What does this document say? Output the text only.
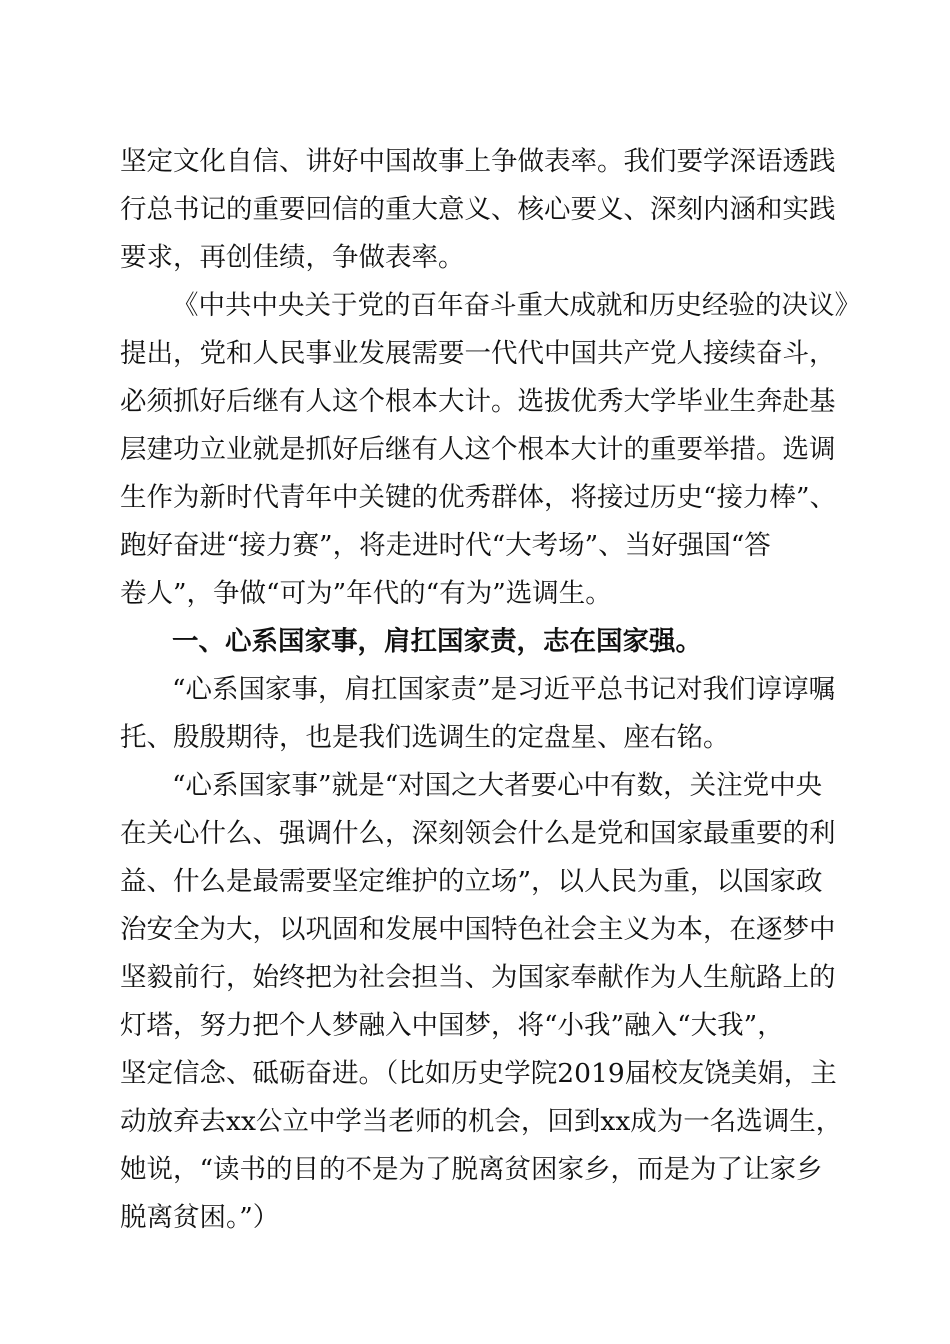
坚定文化自信、讲好中国故事上争做表率。我们要学深语透践
行总书记的重要回信的重大意义、核心要义、深刻内涵和实践
要求，再创佳绩，争做表率。
《中共中央关于党的百年奋斗重大成就和历史经验的决议》
提出，党和人民事业发展需要一代代中国共产党人接续奋斗，
必须抓好后继有人这个根本大计。选拔优秀大学毕业生奔赴基
层建功立业就是抓好后继有人这个根本大计的重要举措。选调
生作为新时代青年中关键的优秀群体，将接过历史“接力棒”、
跑好奋进“接力赛”，将走进时代“大考场”、当好强国“答
卷人”，争做“可为”年代的“有为”选调生。
一、心系国家事，肩扛国家责，志在国家强。
“心系国家事，肩扛国家责”是习近平总书记对我们谆谆嘱
托、殷殷期待，也是我们选调生的定盘星、座右铭。
“心系国家事”就是“对国之大者要心中有数，关注党中央
在关心什么、强调什么，深刻领会什么是党和国家最重要的利
益、什么是最需要坚定维护的立场”，以人民为重，以国家政
治安全为大，以巩固和发展中国特色社会主义为本，在逐梦中
坚毅前行，始终把为社会担当、为国家奉献作为人生航路上的
灯塔，努力把个人梦融入中国梦，将“小我”融入“大我”，
坚定信念、砥砺奋进。（比如历史学院2019届校友饶美娟，主
动放弃去xx公立中学当老师的机会，回到xx成为一名选调生，
她说，“读书的目的不是为了脱离贫困家乡，而是为了让家乡
脱离贫困。”）
